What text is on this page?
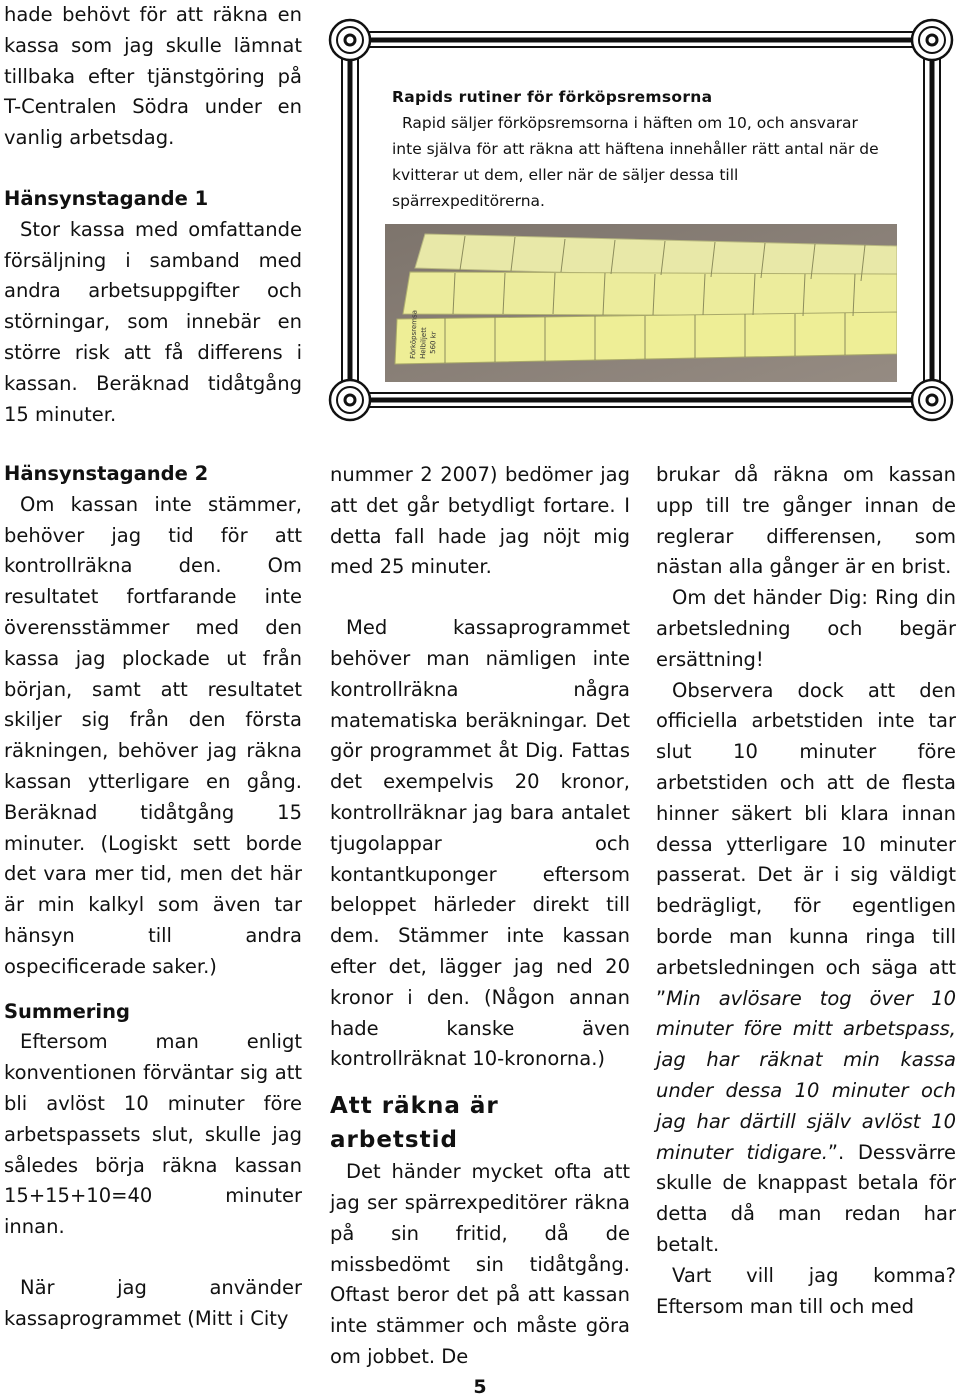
hade behövt för att räkna en kassa som jag skulle lämnat tillbaka efter tjänstgöring på T-Centralen Södra under en vanlig arbetsdag.

Hänsynstagande 1

Stor kassa med omfattande försäljning i samband med andra arbetsuppgifter och störningar, som innebär en större risk att få differens i kassan. Beräknad tidåtgång 15 minuter.

Rapids rutiner för förköpsremsorna

Rapid säljer förköpsremsorna i häften om 10, och ansvarar inte själva för att räkna att häftena innehåller rätt antal när de kvitterar ut dem, eller när de säljer dessa till spärrexpeditörerna.

Förköpsremsa Helbiljett 560 kr
Hänsynstagande 2

Om kassan inte stämmer, behöver jag tid för att kontrollräkna den. Om resultatet fortfarande inte överensstämmer med den kassa jag plockade ut från början, samt att resultatet skiljer sig från den första räkningen, behöver jag räkna kassan ytterligare en gång. Beräknad tidåtgång 15 minuter. (Logiskt sett borde det vara mer tid, men det här är min kalkyl som även tar hänsyn till andra ospecificerade saker.)

Summering

Eftersom man enligt konventionen förväntar sig att bli avlöst 10 minuter före arbetspassets slut, skulle jag således börja räkna kassan 15+15+10=40 minuter innan.

När jag använder kassaprogrammet (Mitt i City

nummer 2 2007) bedömer jag att det går betydligt fortare. I detta fall hade jag nöjt mig med 25 minuter.

Med kassaprogrammet behöver man nämligen inte kontrollräkna några matematiska beräkningar. Det gör programmet åt Dig. Fattas det exempelvis 20 kronor, kontrollräknar jag bara antalet tjugolappar och kontantkuponger eftersom beloppet härleder direkt till dem. Stämmer inte kassan efter det, lägger jag ned 20 kronor i den. (Någon annan hade kanske även kontrollräknat 10-kronorna.)

Att räkna är arbetstid

Det händer mycket ofta att jag ser spärrexpeditörer räkna på sin fritid, då de missbedömt sin tidåtgång. Oftast beror det på att kassan inte stämmer och måste göra om jobbet. De

brukar då räkna om kassan upp till tre gånger innan de reglerar differensen, som nästan alla gånger är en brist.

Om det händer Dig: Ring din arbetsledning och begär ersättning!

Observera dock att den officiella arbetstiden inte tar slut 10 minuter före arbetstiden och att de flesta hinner säkert bli klara innan dessa ytterligare 10 minuter passerat. Det är i sig väldigt bedrägligt, för egentligen borde man kunna ringa till arbetsledningen och säga att ”Min avlösare tog över 10 minuter före mitt arbetspass, jag har räknat min kassa under dessa 10 minuter och jag har därtill själv avlöst 10 minuter tidigare.”. Dessvärre skulle de knappast betala för detta då man redan har betalt.

Vart vill jag komma? Eftersom man till och med

5
